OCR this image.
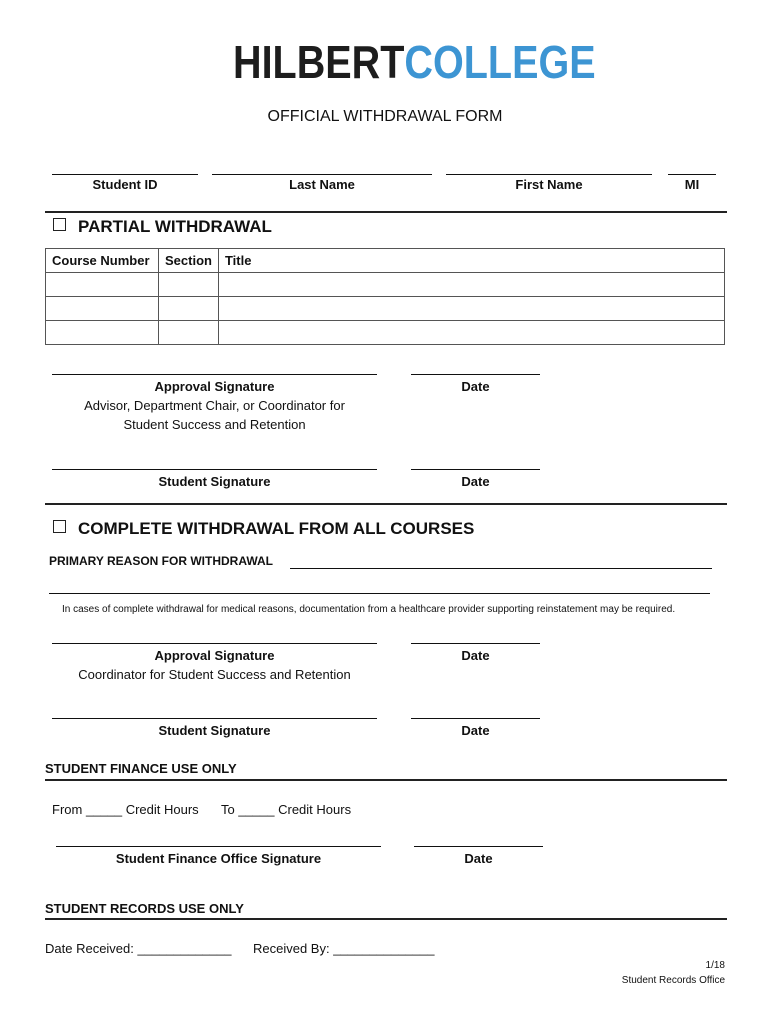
HILBERTCOLLEGE
OFFICIAL WITHDRAWAL FORM
Student ID	Last Name	First Name	MI
PARTIAL WITHDRAWAL
Course Number	Section	Title

Approval Signature	Date
Advisor, Department Chair, or Coordinator for
Student Success and Retention
Student Signature	Date
COMPLETE WITHDRAWAL FROM ALL COURSES
PRIMARY REASON FOR WITHDRAWAL
In cases of complete withdrawal for medical reasons, documentation from a healthcare provider supporting reinstatement may be required.
Approval Signature	Date
Coordinator for Student Success and Retention
Student Signature	Date
STUDENT FINANCE USE ONLY
From _____ Credit Hours To _____ Credit Hours
Student Finance Office Signature	Date
STUDENT RECORDS USE ONLY
Date Received: _____________ Received By: ______________
1/18
Student Records Office
